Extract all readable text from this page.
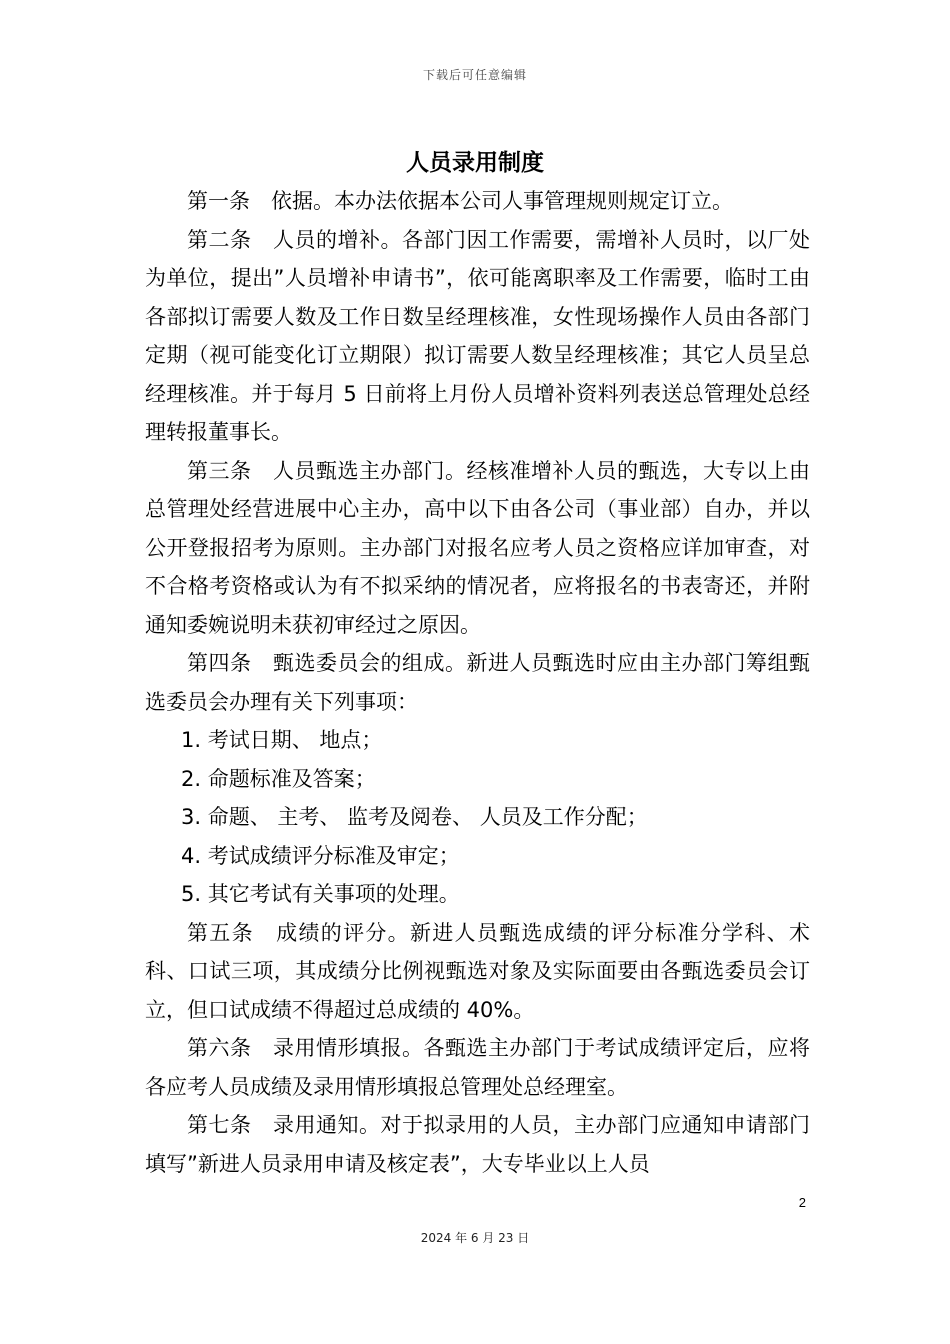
下载后可任意编辑
人员录用制度

第一条　依据。本办法依据本公司人事管理规则规定订立。

第二条　人员的增补。各部门因工作需要，需增补人员时，以厂处为单位，提出”人员增补申请书”，依可能离职率及工作需要，临时工由各部拟订需要人数及工作日数呈经理核准，女性现场操作人员由各部门定期（视可能变化订立期限）拟订需要人数呈经理核准；其它人员呈总经理核准。并于每月 5 日前将上月份人员增补资料列表送总管理处总经理转报董事长。

第三条　人员甄选主办部门。经核准增补人员的甄选，大专以上由总管理处经营进展中心主办，高中以下由各公司（事业部）自办，并以公开登报招考为原则。主办部门对报名应考人员之资格应详加审查，对不合格考资格或认为有不拟采纳的情况者，应将报名的书表寄还，并附通知委婉说明未获初审经过之原因。

第四条　甄选委员会的组成。新进人员甄选时应由主办部门筹组甄选委员会办理有关下列事项：

1. 考试日期、 地点；

2. 命题标准及答案；

3. 命题、 主考、 监考及阅卷、 人员及工作分配；

4. 考试成绩评分标准及审定；

5. 其它考试有关事项的处理。

第五条　成绩的评分。新进人员甄选成绩的评分标准分学科、术科、口试三项，其成绩分比例视甄选对象及实际面要由各甄选委员会订立，但口试成绩不得超过总成绩的 40%。

第六条　录用情形填报。各甄选主办部门于考试成绩评定后，应将各应考人员成绩及录用情形填报总管理处总经理室。

第七条　录用通知。对于拟录用的人员，主办部门应通知申请部门填写”新进人员录用申请及核定表”，大专毕业以上人员

2
2024 年 6 月 23 日
